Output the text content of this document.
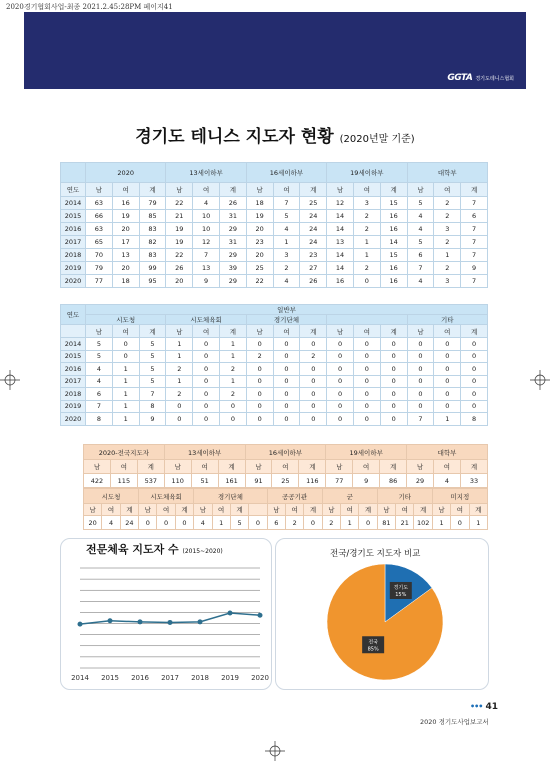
2020경기협회사업-최종 2021.2.45:28PM 페이지41
GGTA 경기도테니스협회
경기도 테니스 지도자 현황 (2020년말 기준)
	2020			13세이하부			16세이하부			19세이하부			대학부		
연도	남	여	계	남	여	계	남	여	계	남	여	계	남	여	계
2014	63	16	79	22	4	26	18	7	25	12	3	15	5	2	7
2015	66	19	85	21	10	31	19	5	24	14	2	16	4	2	6
2016	63	20	83	19	10	29	20	4	24	14	2	16	4	3	7
2017	65	17	82	19	12	31	23	1	24	13	1	14	5	2	7
2018	70	13	83	22	7	29	20	3	23	14	1	15	6	1	7
2019	79	20	99	26	13	39	25	2	27	14	2	16	7	2	9
2020	77	18	95	20	9	29	22	4	26	16	0	16	4	3	7
연도	일반부														
	시도청			시도체육회			경기단체						기타		
	남	여	계	남	여	계	남	여	계	남	여	계	남	여	계
2014	5	0	5	1	0	1	0	0	0	0	0	0	0	0	0
2015	5	0	5	1	0	1	2	0	2	0	0	0	0	0	0
2016	4	1	5	2	0	2	0	0	0	0	0	0	0	0	0
2017	4	1	5	1	0	1	0	0	0	0	0	0	0	0	0
2018	6	1	7	2	0	2	0	0	0	0	0	0	0	0	0
2019	7	1	8	0	0	0	0	0	0	0	0	0	0	0	0
2020	8	1	9	0	0	0	0	0	0	0	0	0	7	1	8
2020-전국지도자			13세이하부			16세이하부			19세이하부			대학부		
남	여	계	남	여	계	남	여	계	남	여	계	남	여	계
422	115	537	110	51	161	91	25	116	77	9	86	29	4	33
시도청			시도체육회			경기단체				공공기관			군			기타			미지정		
남	여	계	남	여	계	남	여	계		남	여	계	남	여	계	남	여	계	남	여	계
20	4	24	0	0	0	4	1	5	0	6	2	0	2	1	0	81	21	102	1	0	1
전문체육 지도자 수 (2015~2020)
2014 2015 2016 2017 2018 2019 2020
전국/경기도 지도자 비교
경기도
15%
전국
85%
••• 41
2020 경기도사업보고서
